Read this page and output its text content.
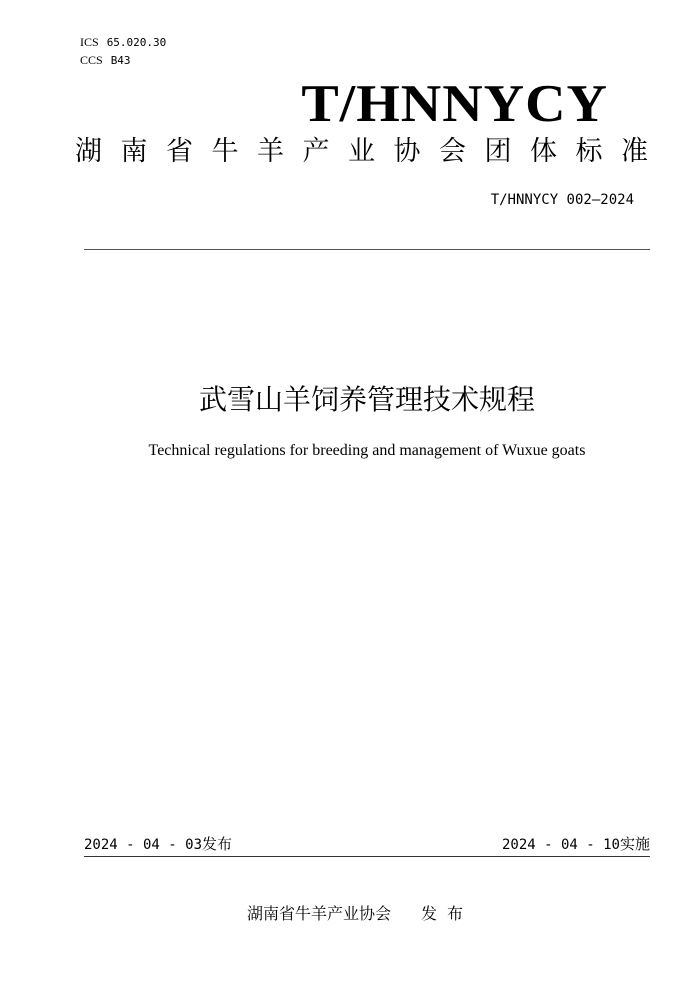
ICS 65.020.30
CCS B43
T/HNNYCY
湖南省牛羊产业协会团体标准
T/HNNYCY 002—2024
武雪山羊饲养管理技术规程
Technical regulations for breeding and management of Wuxue goats
2024 - 04 - 03发布	2024 - 04 - 10实施
湖南省牛羊产业协会 发布
